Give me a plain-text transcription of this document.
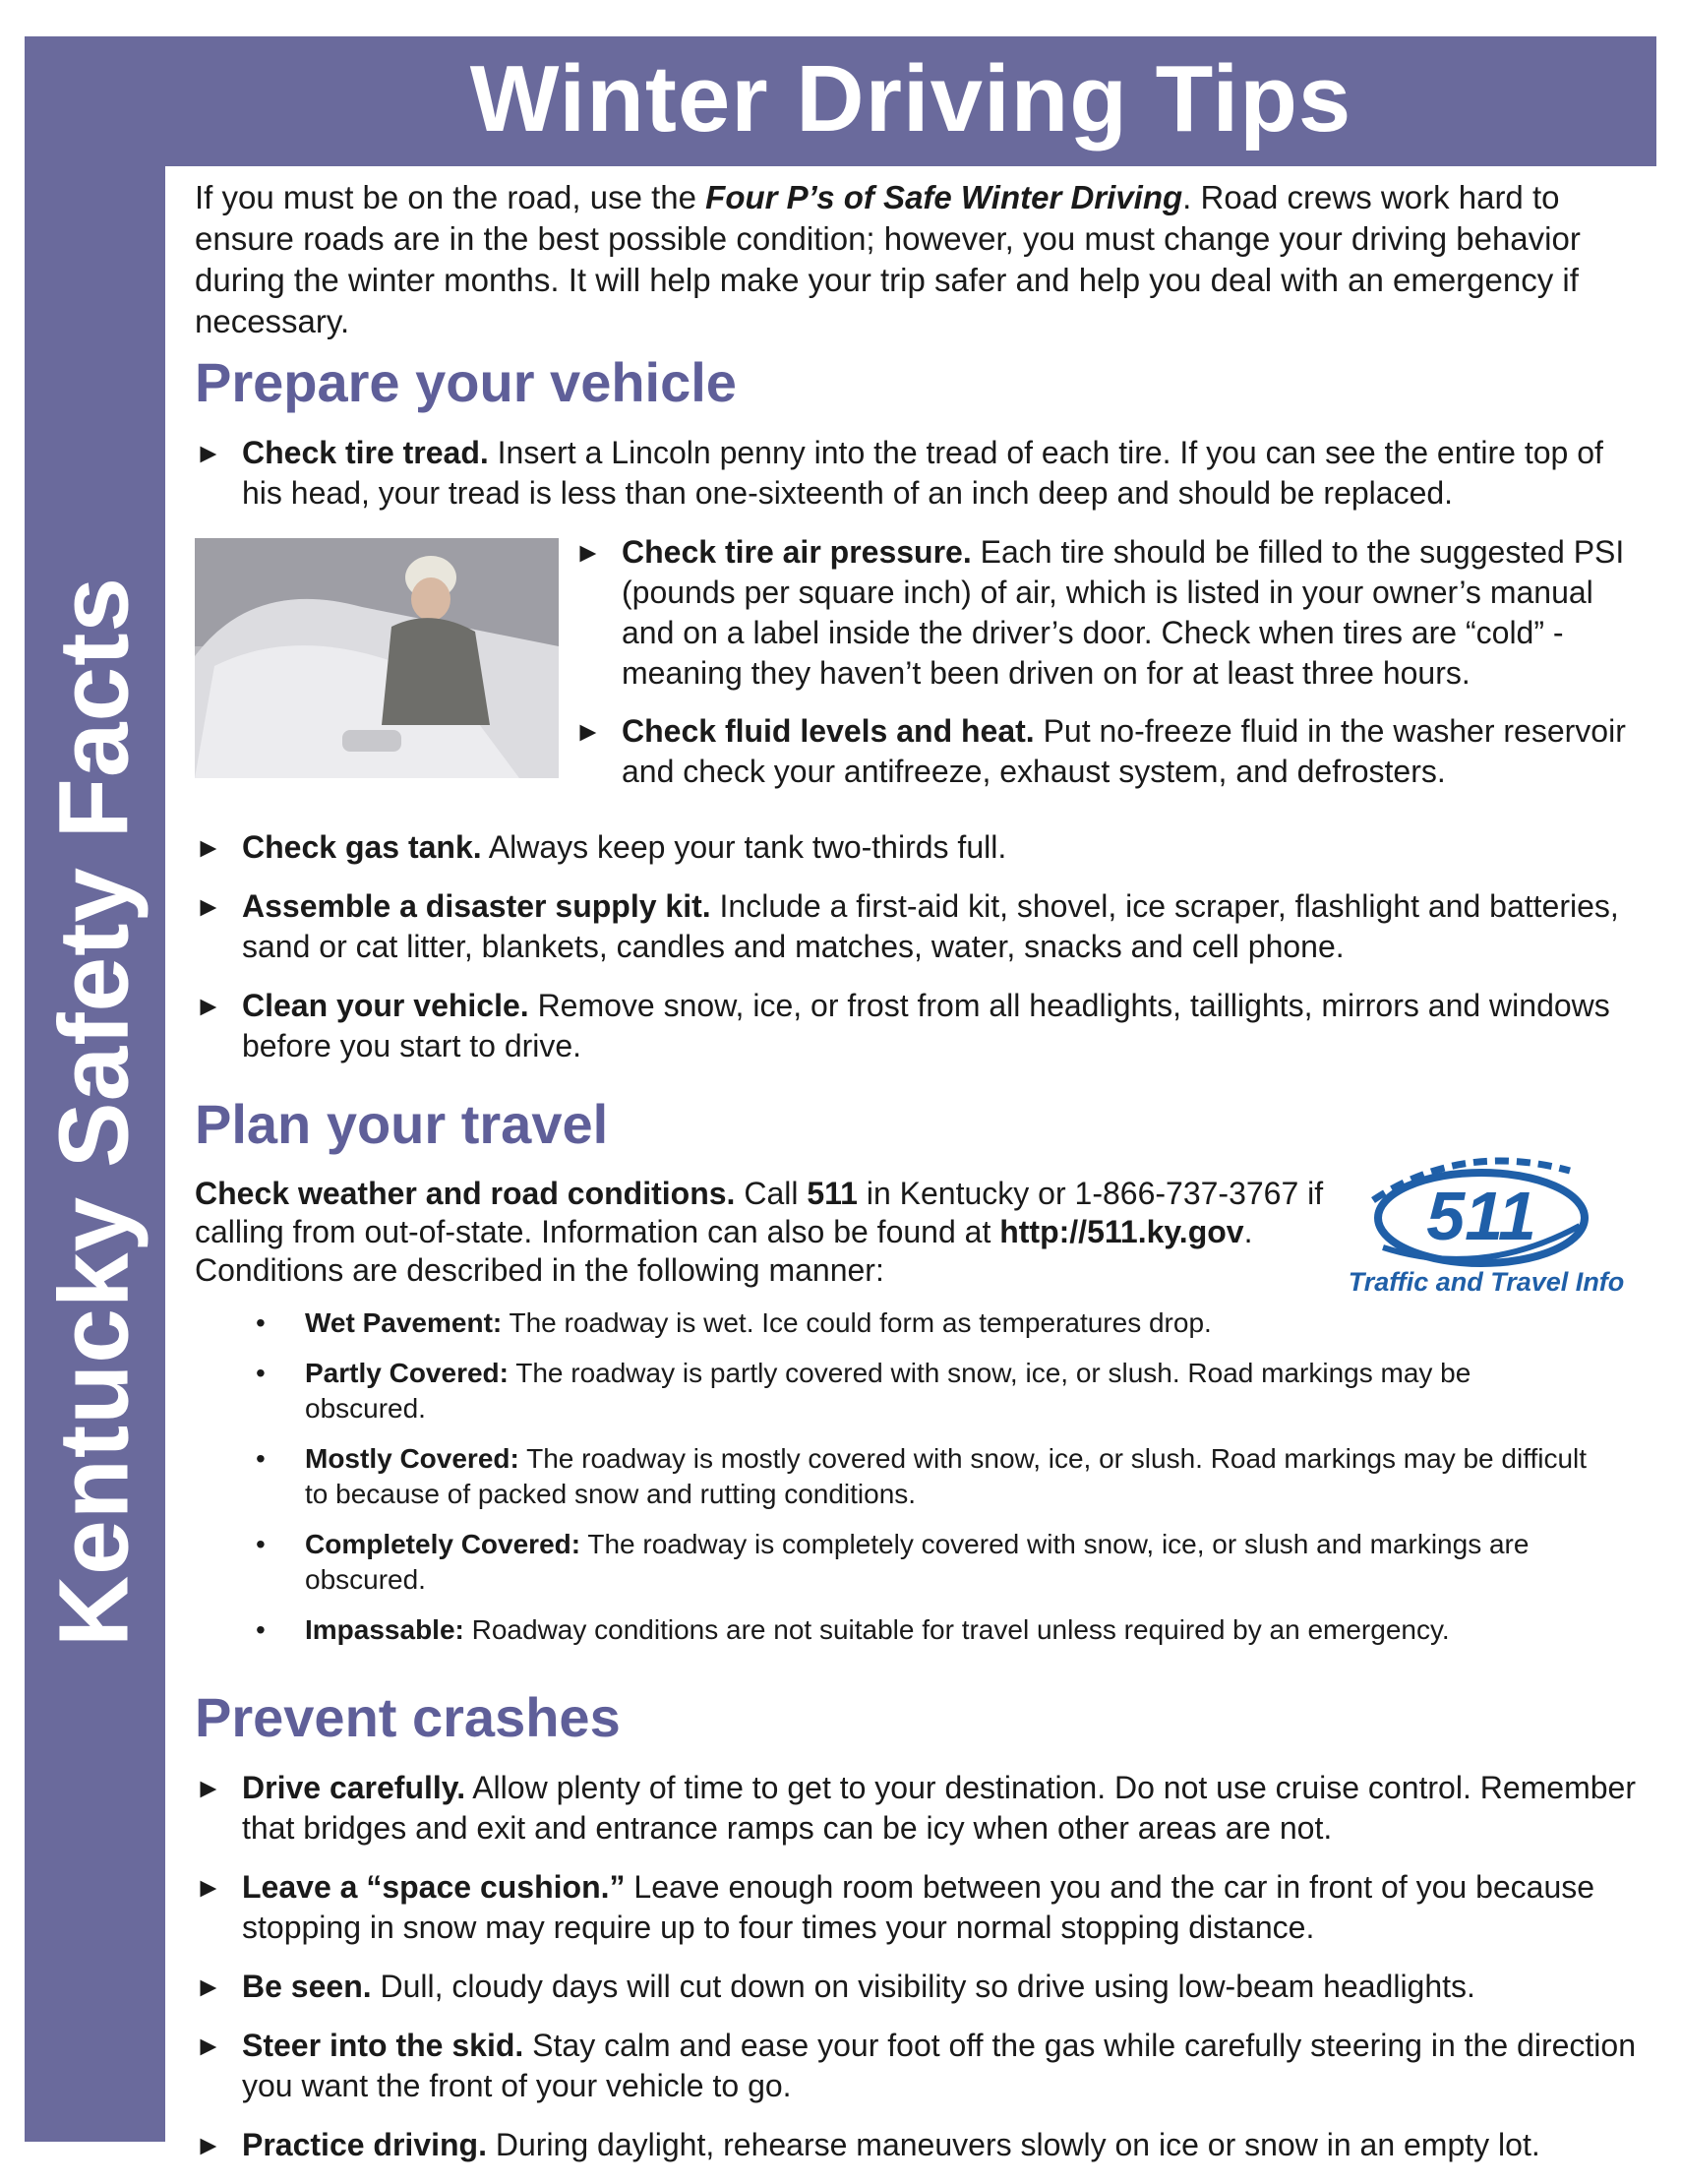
Kentucky Safety Facts
Winter Driving Tips

If you must be on the road, use the Four P’s of Safe Winter Driving. Road crews work hard to ensure roads are in the best possible condition; however, you must change your driving behavior during the winter months. It will help make your trip safer and help you deal with an emergency if necessary.

Prepare your vehicle
► Check tire tread. Insert a Lincoln penny into the tread of each tire. If you can see the entire top of his head, your tread is less than one-sixteenth of an inch deep and should be replaced.
► Check tire air pressure. Each tire should be filled to the suggested PSI (pounds per square inch) of air, which is listed in your owner’s manual and on a label inside the driver’s door. Check when tires are “cold” - meaning they haven’t been driven on for at least three hours.
► Check fluid levels and heat. Put no-freeze fluid in the washer reservoir and check your antifreeze, exhaust system, and defrosters.
► Check gas tank. Always keep your tank two-thirds full.
► Assemble a disaster supply kit. Include a first-aid kit, shovel, ice scraper, flashlight and batteries, sand or cat litter, blankets, candles and matches, water, snacks and cell phone.
► Clean your vehicle. Remove snow, ice, or frost from all headlights, taillights, mirrors and windows before you start to drive.
Plan your travel
511
Traffic and Travel Info

Check weather and road conditions. Call 511 in Kentucky or 1-866-737-3767 if calling from out-of-state. Information can also be found at http://511.ky.gov. Conditions are described in the following manner:

• Wet Pavement: The roadway is wet. Ice could form as temperatures drop.
• Partly Covered: The roadway is partly covered with snow, ice, or slush. Road markings may be obscured.
• Mostly Covered: The roadway is mostly covered with snow, ice, or slush. Road markings may be difficult to because of packed snow and rutting conditions.
• Completely Covered: The roadway is completely covered with snow, ice, or slush and markings are obscured.
• Impassable: Roadway conditions are not suitable for travel unless required by an emergency.
Prevent crashes
► Drive carefully. Allow plenty of time to get to your destination. Do not use cruise control. Remember that bridges and exit and entrance ramps can be icy when other areas are not.
► Leave a “space cushion.” Leave enough room between you and the car in front of you because stopping in snow may require up to four times your normal stopping distance.
► Be seen. Dull, cloudy days will cut down on visibility so drive using low-beam headlights.
► Steer into the skid. Stay calm and ease your foot off the gas while carefully steering in the direction you want the front of your vehicle to go.
► Practice driving. During daylight, rehearse maneuvers slowly on ice or snow in an empty lot.
